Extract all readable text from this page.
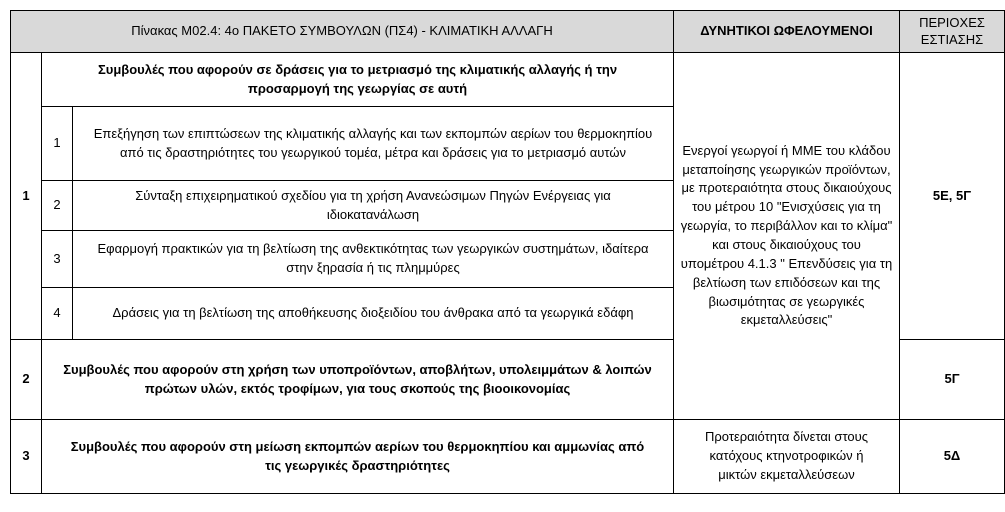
Πίνακας Μ02.4: 4ο ΠΑΚΕΤΟ ΣΥΜΒΟΥΛΩΝ (ΠΣ4) - ΚΛΙΜΑΤΙΚΗ ΑΛΛΑΓΗ			ΔΥΝΗΤΙΚΟΙ ΩΦΕΛΟΥΜΕΝΟΙ	ΠΕΡΙΟΧΕΣ ΕΣΤΙΑΣΗΣ
1	Συμβουλές που αφορούν σε δράσεις για το μετριασμό της κλιματικής αλλαγής ή την προσαρμογή της γεωργίας σε αυτή		Ενεργοί γεωργοί ή ΜΜΕ του κλάδου μεταποίησης γεωργικών προϊόντων, με προτεραιότητα στους δικαιούχους του μέτρου 10 "Ενισχύσεις για τη γεωργία, το περιβάλλον και το κλίμα" και στους δικαιούχους του υπομέτρου 4.1.3 " Επενδύσεις για τη βελτίωση των επιδόσεων και της βιωσιμότητας σε γεωργικές εκμεταλλεύσεις"	5Ε, 5Γ
	1	Επεξήγηση των επιπτώσεων της κλιματικής αλλαγής και των εκπομπών αερίων του θερμοκηπίου από τις δραστηριότητες του γεωργικού τομέα, μέτρα και δράσεις για το μετριασμό αυτών		
	2	Σύνταξη επιχειρηματικού σχεδίου για τη χρήση Ανανεώσιμων Πηγών Ενέργειας για ιδιοκατανάλωση		
	3	Εφαρμογή πρακτικών για τη βελτίωση της ανθεκτικότητας των γεωργικών συστημάτων, ιδαίτερα στην ξηρασία ή τις πλημμύρες		
	4	Δράσεις για τη βελτίωση της αποθήκευσης διοξειδίου του άνθρακα από τα γεωργικά εδάφη		
2	Συμβουλές που αφορούν στη χρήση των υποπροϊόντων, αποβλήτων, υπολειμμάτων & λοιπών πρώτων υλών, εκτός τροφίμων, για τους σκοπούς της βιοοικονομίας			5Γ

3	Συμβουλές που αφορούν στη μείωση εκπομπών αερίων του θερμοκηπίου και αμμωνίας από τις γεωργικές δραστηριότητες		Προτεραιότητα δίνεται στους κατόχους κτηνοτροφικών ή μικτών εκμεταλλεύσεων	5Δ
